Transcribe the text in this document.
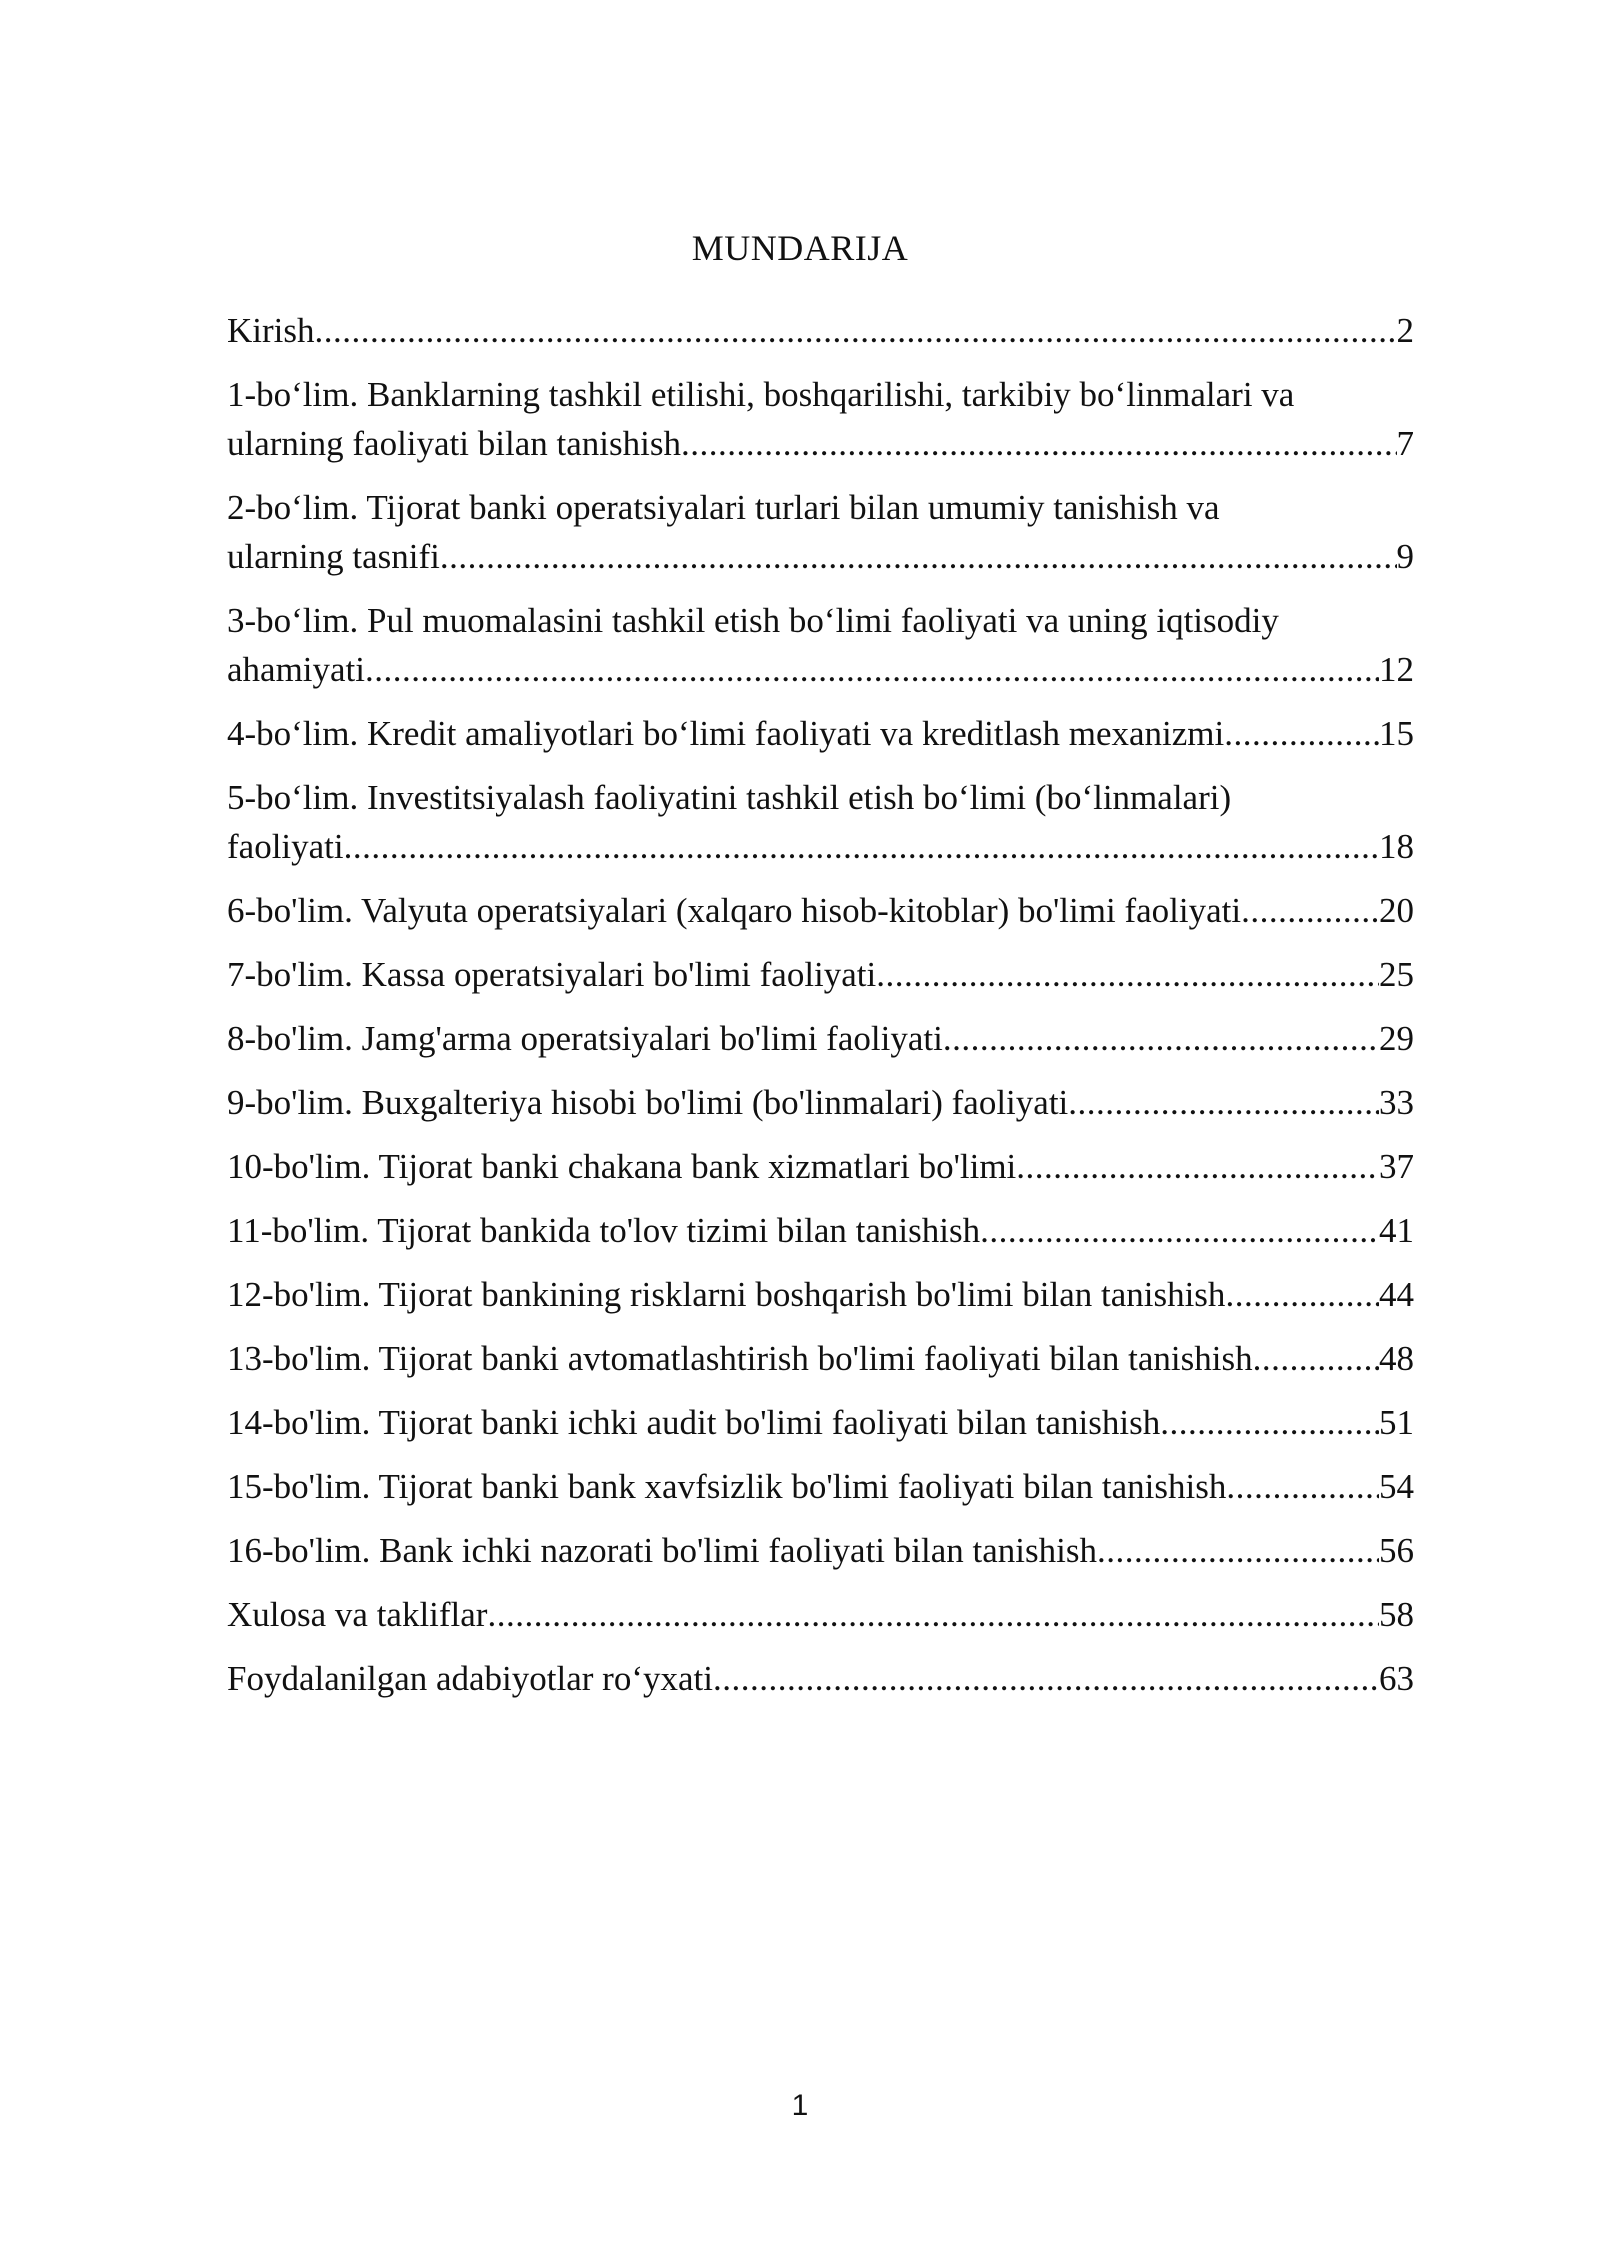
MUNDARIJA
Kirish .....	2
1-bo‘lim. Banklarning tashkil etilishi, boshqarilishi, tarkibiy bo‘linmalari va
ularning faoliyati bilan tanishish .....	7
2-bo‘lim. Tijorat banki operatsiyalari turlari bilan umumiy tanishish va
ularning tasnifi .....	9
3-bo‘lim. Pul muomalasini tashkil etish bo‘limi faoliyati va uning iqtisodiy
ahamiyati .....	12
4-bo‘lim. Kredit amaliyotlari bo‘limi faoliyati va kreditlash mexanizmi .....	15
5-bo‘lim. Investitsiyalash faoliyatini tashkil etish bo‘limi (bo‘linmalari)
faoliyati .....	18
6-bo'lim. Valyuta operatsiyalari (xalqaro hisob-kitoblar) bo'limi faoliyati .....	20
7-bo'lim. Kassa operatsiyalari bo'limi faoliyati .....	25
8-bo'lim. Jamg'arma operatsiyalari bo'limi faoliyati .....	29
9-bo'lim. Buxgalteriya hisobi bo'limi (bo'linmalari) faoliyati .....	33
10-bo'lim. Tijorat banki chakana bank xizmatlari bo'limi .....	37
11-bo'lim. Tijorat bankida to'lov tizimi bilan tanishish .....	41
12-bo'lim. Tijorat bankining risklarni boshqarish bo'limi bilan tanishish .....	44
13-bo'lim. Tijorat banki avtomatlashtirish bo'limi faoliyati bilan tanishish .....	48
14-bo'lim. Tijorat banki ichki audit bo'limi faoliyati bilan tanishish .....	51
15-bo'lim. Tijorat banki bank xavfsizlik bo'limi faoliyati bilan tanishish .....	54
16-bo'lim. Bank ichki nazorati bo'limi faoliyati bilan tanishish .....	56
Xulosa va takliflar .....	58
Foydalanilgan adabiyotlar ro‘yxati .....	63
1
